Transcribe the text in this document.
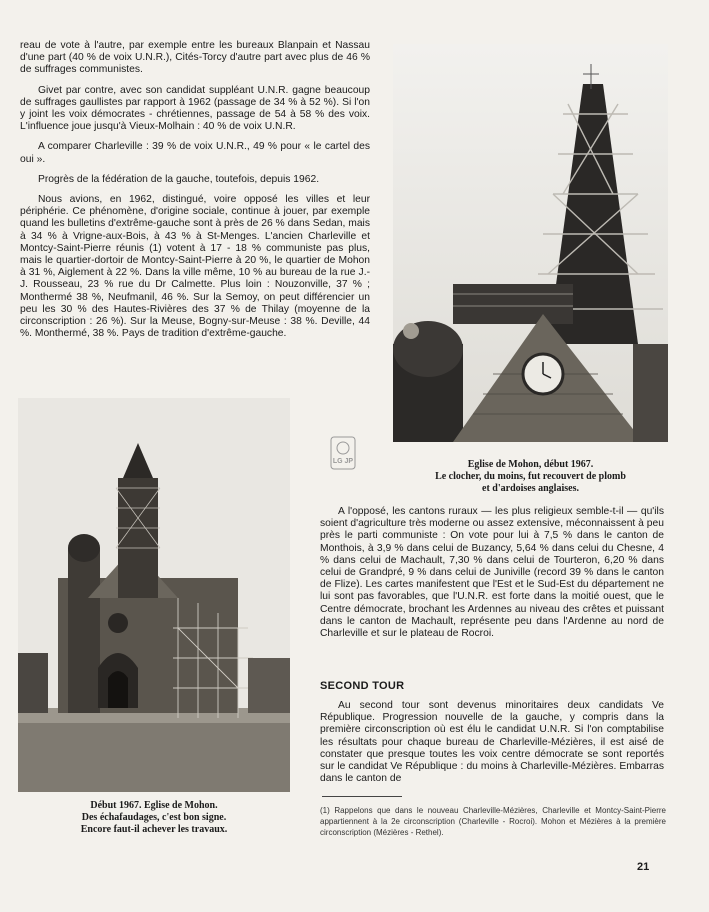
reau de vote à l'autre, par exemple entre les bureaux Blanpain et Nassau d'une part (40 % de voix U.N.R.), Cités-Torcy d'autre part avec plus de 46 % de suffrages communistes.

Givet par contre, avec son candidat suppléant U.N.R. gagne beaucoup de suffrages gaullistes par rapport à 1962 (passage de 34 % à 52 %). Si l'on y joint les voix démocrates - chrétiennes, passage de 54 à 58 % des voix. L'influence joue jusqu'à Vieux-Molhain : 40 % de voix U.N.R.

A comparer Charleville : 39 % de voix U.N.R., 49 % pour « le cartel des oui ».

Progrès de la fédération de la gauche, toutefois, depuis 1962.

Nous avions, en 1962, distingué, voire opposé les villes et leur périphérie. Ce phénomène, d'origine sociale, continue à jouer, par exemple quand les bulletins d'extrême-gauche sont à près de 26 % dans Sedan, mais à 34 % à Vrigne-aux-Bois, à 43 % à St-Menges. L'ancien Charleville et Montcy-Saint-Pierre réunis (1) votent à 17 - 18 % communiste pas plus, mais le quartier-dortoir de Montcy-Saint-Pierre à 20 %, le quartier de Mohon à 31 %, Aiglement à 22 %. Dans la ville même, 10 % au bureau de la rue J.-J. Rousseau, 23 % rue du Dr Calmette. Plus loin : Nouzonville, 37 % ; Monthermé 38 %, Neufmanil, 46 %. Sur la Semoy, on peut différencier un peu les 30 % des Hautes-Rivières des 37 % de Thilay (moyenne de la circonscription : 26 %). Sur la Meuse, Bogny-sur-Meuse : 38 %. Deville, 44 %. Monthermé, 38 %. Pays de tradition d'extrême-gauche.

Eglise de Mohon, début 1967.
Le clocher, du moins, fut recouvert de plomb
et d'ardoises anglaises.
LG JP
Début 1967. Eglise de Mohon.
Des échafaudages, c'est bon signe.
Encore faut-il achever les travaux.

A l'opposé, les cantons ruraux — les plus religieux semble-t-il — qu'ils soient d'agriculture très moderne ou assez extensive, méconnaissent à peu près le parti communiste : On vote pour lui à 7,5 % dans le canton de Monthois, à 3,9 % dans celui de Buzancy, 5,64 % dans celui du Chesne, 4 % dans celui de Machault, 7,30 % dans celui de Tourteron, 6,20 % dans celui de Grandpré, 9 % dans celui de Juniville (record 39 % dans le canton de Flize). Les cartes manifestent que l'Est et le Sud-Est du département ne lui sont pas favorables, que l'U.N.R. est forte dans la moitié ouest, que le Centre démocrate, brochant les Ardennes au niveau des crêtes et puissant dans le canton de Machault, représente peu dans l'Ardenne au nord de Charleville et sur le plateau de Rocroi.

SECOND TOUR

Au second tour sont devenus minoritaires deux candidats Ve République. Progression nouvelle de la gauche, y compris dans la première circonscription où est élu le candidat U.N.R. Si l'on comptabilise les résultats pour chaque bureau de Charleville-Mézières, il est aisé de constater que presque toutes les voix centre démocrate se sont reportés sur le candidat Ve République : du moins à Charleville-Mézières. Embarras dans le canton de

(1) Rappelons que dans le nouveau Charleville-Mézières, Charleville et Montcy-Saint-Pierre appartiennent à la 2e circonscription (Charleville - Rocroi). Mohon et Mézières à la première circonscription (Mézières - Rethel).
21
